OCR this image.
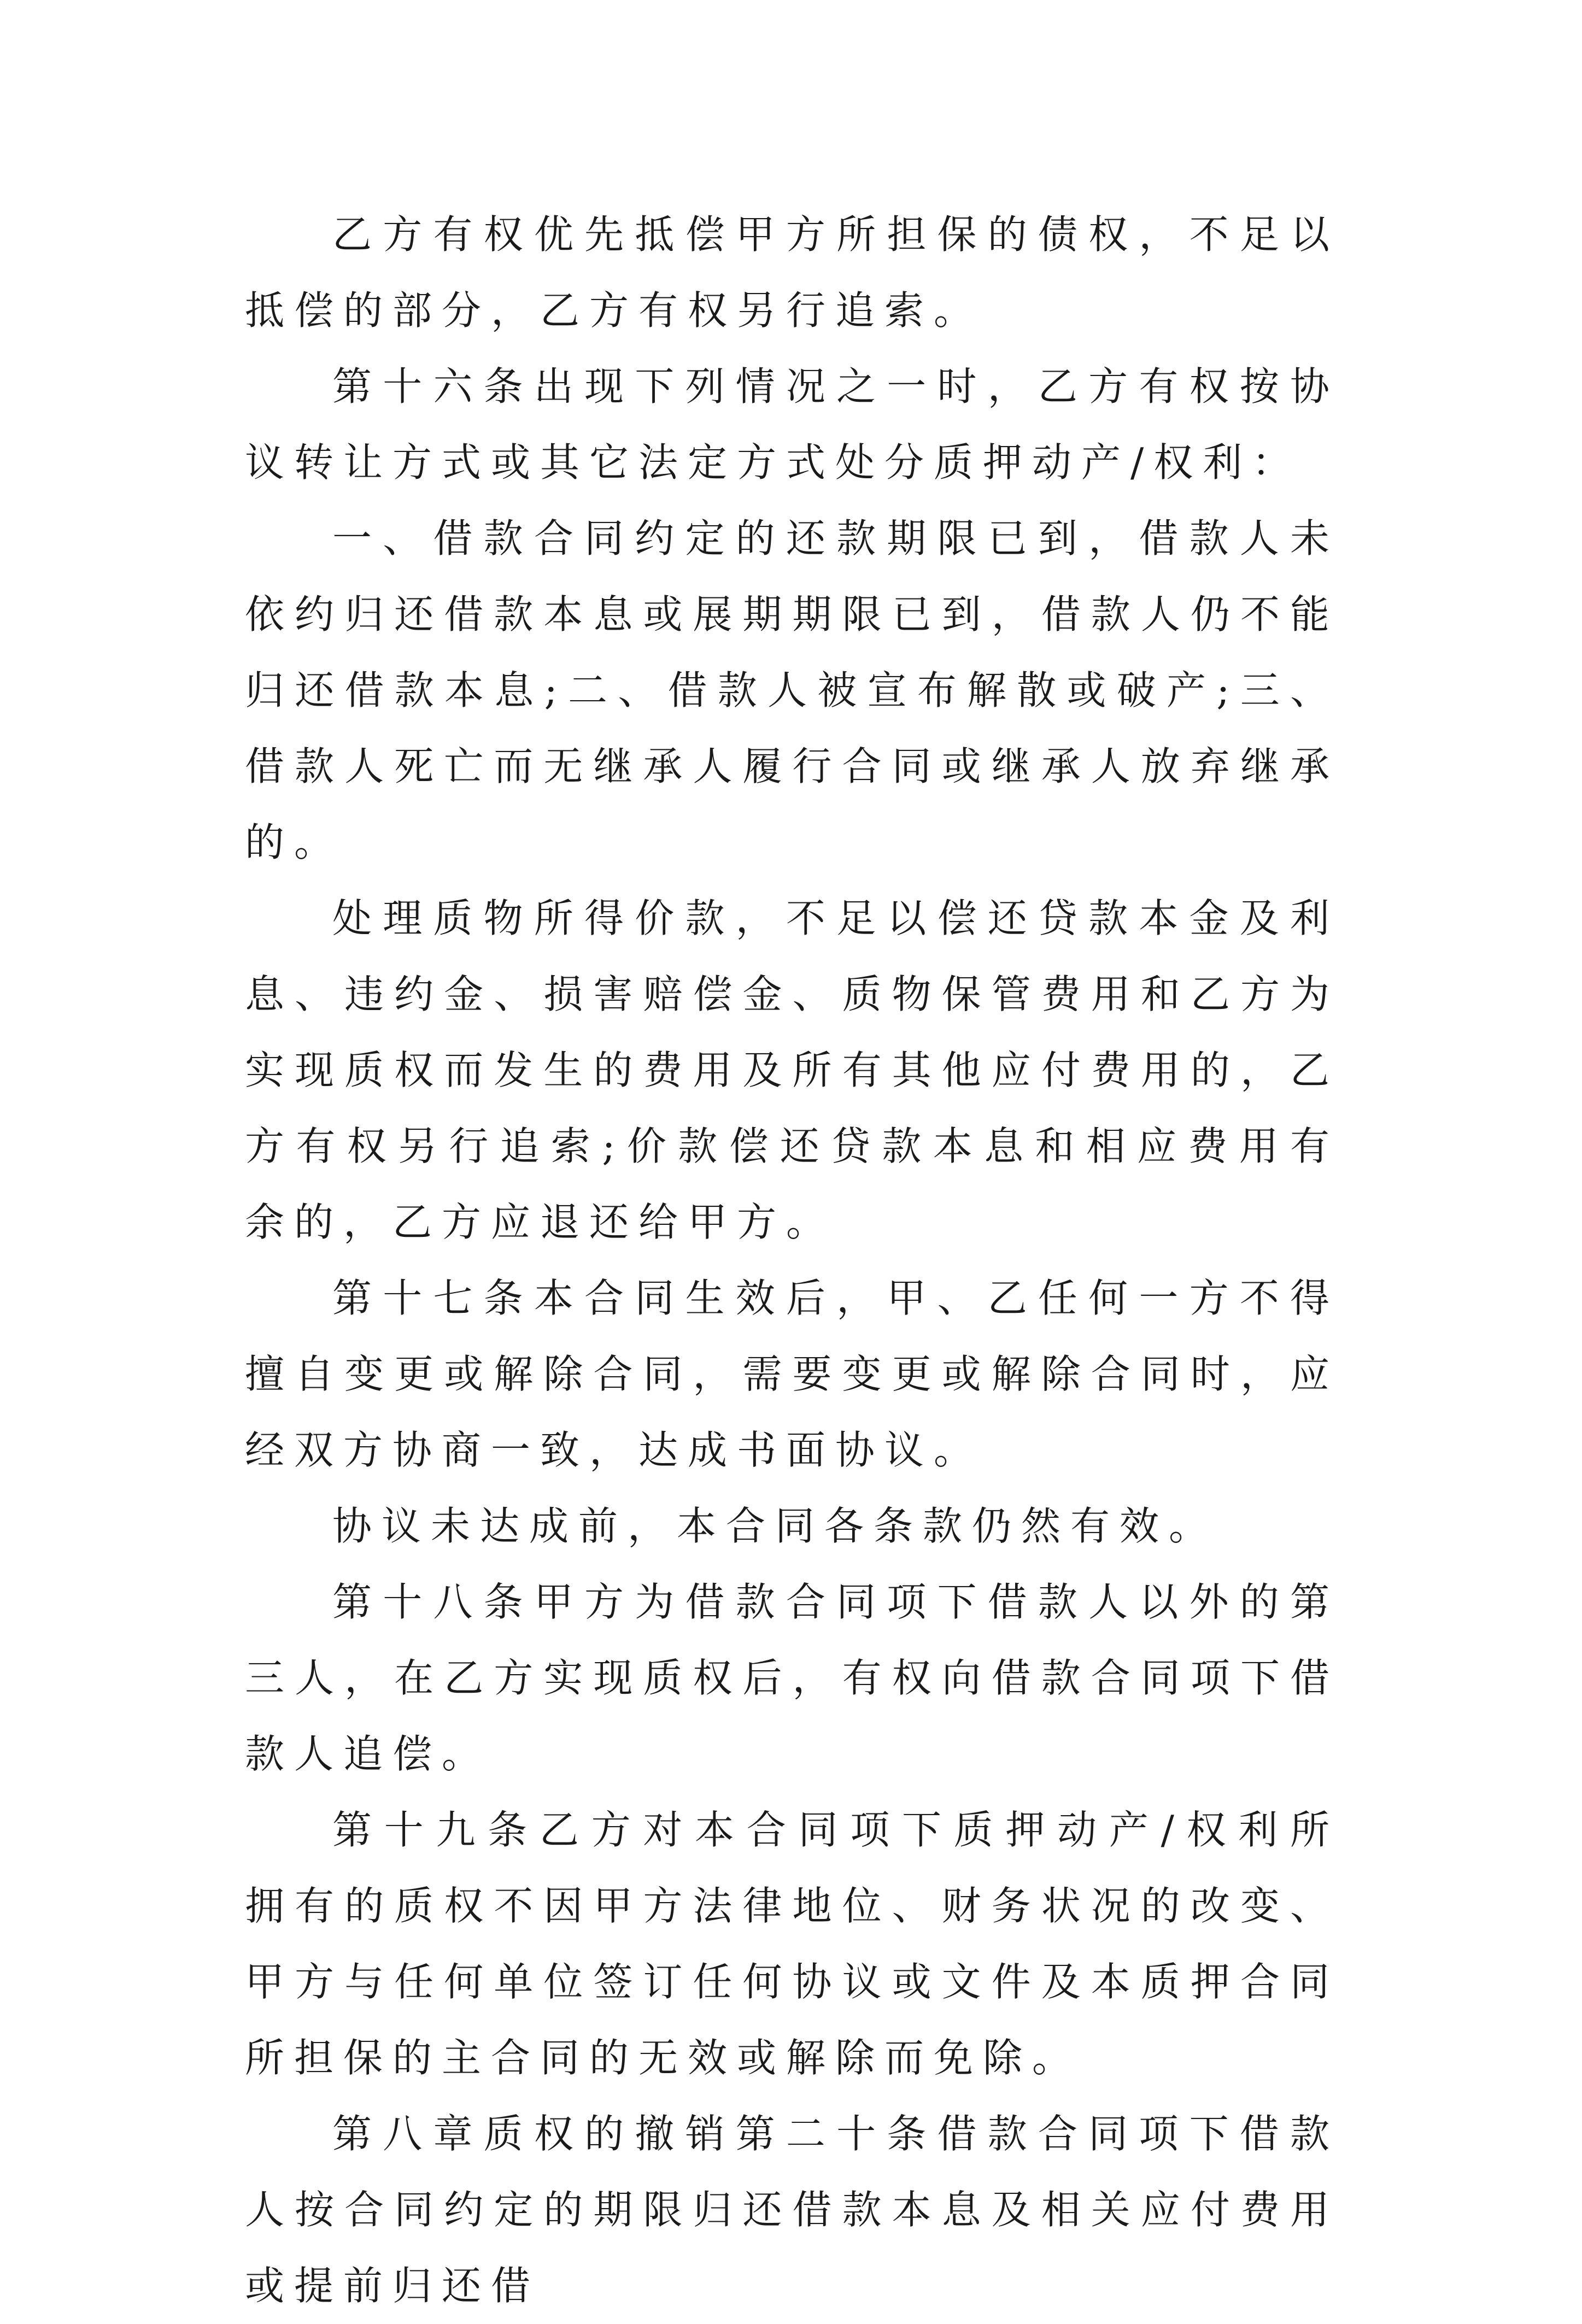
乙方有权优先抵偿甲方所担保的债权，不足以抵偿的部分，乙方有权另行追索。

第十六条出现下列情况之一时，乙方有权按协议转让方式或其它法定方式处分质押动产/权利：

一、借款合同约定的还款期限已到，借款人未依约归还借款本息或展期期限已到，借款人仍不能归还借款本息;二、借款人被宣布解散或破产;三、借款人死亡而无继承人履行合同或继承人放弃继承的。

处理质物所得价款，不足以偿还贷款本金及利息、违约金、损害赔偿金、质物保管费用和乙方为实现质权而发生的费用及所有其他应付费用的，乙方有权另行追索;价款偿还贷款本息和相应费用有余的，乙方应退还给甲方。

第十七条本合同生效后，甲、乙任何一方不得擅自变更或解除合同，需要变更或解除合同时，应经双方协商一致，达成书面协议。

协议未达成前，本合同各条款仍然有效。

第十八条甲方为借款合同项下借款人以外的第三人，在乙方实现质权后，有权向借款合同项下借款人追偿。

第十九条乙方对本合同项下质押动产/权利所拥有的质权不因甲方法律地位、财务状况的改变、甲方与任何单位签订任何协议或文件及本质押合同所担保的主合同的无效或解除而免除。

第八章质权的撤销第二十条借款合同项下借款人按合同约定的期限归还借款本息及相关应付费用或提前归还借
